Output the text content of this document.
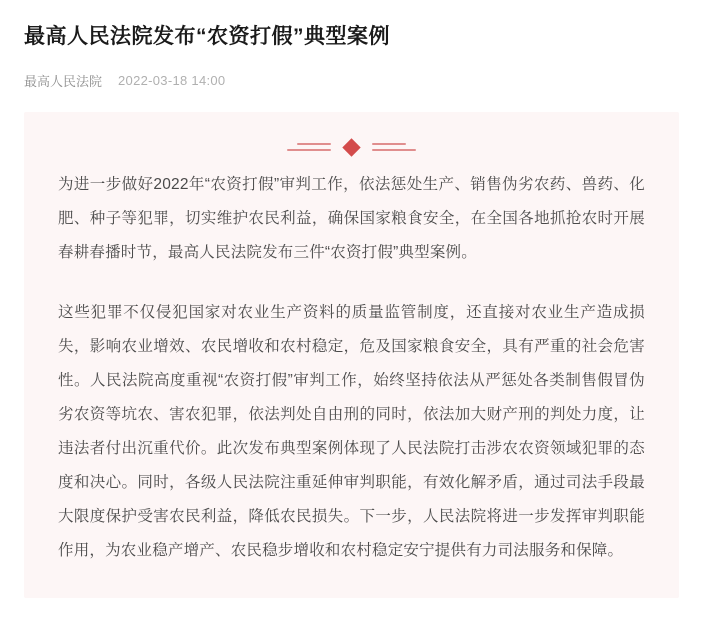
最高人民法院发布“农资打假”典型案例
最高人民法院 2022-03-18 14:00

为进一步做好2022年“农资打假”审判工作，依法惩处生产、销售伪劣农药、兽药、化肥、种子等犯罪，切实维护农民利益，确保国家粮食安全，在全国各地抓抢农时开展春耕春播时节，最高人民法院发布三件“农资打假”典型案例。

这些犯罪不仅侵犯国家对农业生产资料的质量监管制度，还直接对农业生产造成损失，影响农业增效、农民增收和农村稳定，危及国家粮食安全，具有严重的社会危害性。人民法院高度重视“农资打假”审判工作，始终坚持依法从严惩处各类制售假冒伪劣农资等坑农、害农犯罪，依法判处自由刑的同时，依法加大财产刑的判处力度，让违法者付出沉重代价。此次发布典型案例体现了人民法院打击涉农农资领域犯罪的态度和决心。同时，各级人民法院注重延伸审判职能，有效化解矛盾，通过司法手段最大限度保护受害农民利益，降低农民损失。下一步，人民法院将进一步发挥审判职能作用，为农业稳产增产、农民稳步增收和农村稳定安宁提供有力司法服务和保障。
